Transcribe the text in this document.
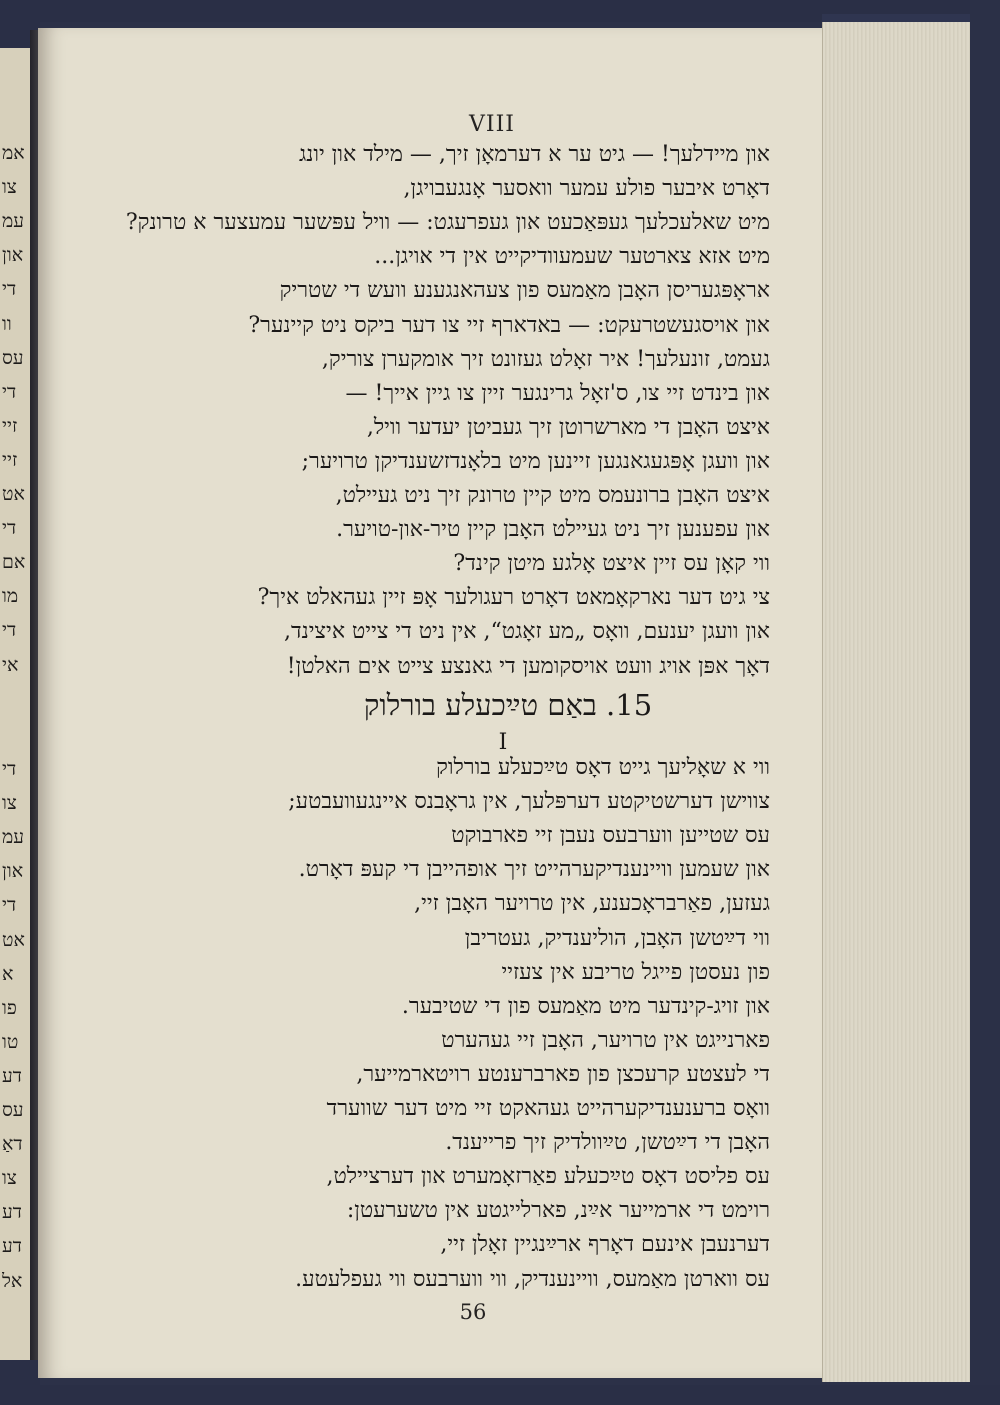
אמ
צו
עמ
און
די
וו
עס
די
זיי
זיי
אט
די
אם
מו
די
אי
די
צו
עמ
און
די
אט
א
פו
טו
דע
עס
דאַ
צו
דע
דע
אל
VIII
15. באַם טײַכעלע בורלוק
I
56
און מיידלעך! — גיט ער א דערמאָן זיך, — מילד און יונג
דאָרט איבער פולע עמער וואסער אָנגעבויגן,
מיט שאלעכלעך געפּאַכעט און געפרעגט: — וויל עפּשער עמעצער א טרונק?
מיט אזא צארטער שעמעוודיקייט אין די אויגן...
אראָפּגעריסן האָבן מאַמעס פון צעהאנגענע וועש די שטריק
און אויסגעשטרעקט: — באדארף זיי צו דער ביקס ניט קיינער?
געמט, זונעלעך! איר זאָלט געזונט זיך אומקערן צוריק,
און בינדט זיי צו, ס'זאָל גרינגער זיין צו גיין אייך! —
איצט האָבן די מארשרוטן זיך געביטן יעדער וויל,
און וועגן אָפּגעגאנגען זיינען מיט בלאָנדזשענדיקן טרויער;
איצט האָבן ברונעמס מיט קיין טרונק זיך ניט געיילט,
און עפענען זיך ניט געיילט האָבן קיין טיר-און-טויער.
ווי קאָן עס זיין איצט אָלגע מיטן קינד?
צי גיט דער נארקאָמאט דאָרט רעגולער אָפּ זיין געהאלט איך?
און וועגן יענעם, וואָס „מע זאָגט“, אין ניט די צייט איצינד,
דאָך אפּן אויג וועט אויסקומען די גאנצע צייט אים האלטן!
ווי א שאָליעך גייט דאָס טײַכעלע בורלוק
צווישן דערשטיקטע דערפּלעך, אין גראָבנס איינגעוועבטע;
עס שטייען ווערבעס נעבן זיי פארבוקט
און שעמען וויינענדיקערהייט זיך אופהייבן די קעפּ דאָרט.
געזען, פאַרבראָכענע, אין טרויער האָבן זיי,
ווי דײַטשן האָבן, הוליענדיק, געטריבן
פון נעסטן פייגל טריבע אין צעזיי
און זויג-קינדער מיט מאַמעס פון די שטיבער.
פארנייגט אין טרויער, האָבן זיי געהערט
די לעצטע קרעכצן פון פארברענטע רויטארמייער,
וואָס ברענענדיקערהייט געהאקט זיי מיט דער שווערד
האָבן די דײַטשן, טײַוולדיק זיך פרייענד.
עס פליסט דאָס טײַכעלע פאַרזאָמערט און דערציילט,
רוימט די ארמייער אײַנ, פארלייגטע אין טשערעטן:
דערנעבן אינעם דאָרף ארײַנגיין זאָלן זיי,
עס ווארטן מאַמעס, וויינענדיק, ווי ווערבעס ווי געפלעטע.
